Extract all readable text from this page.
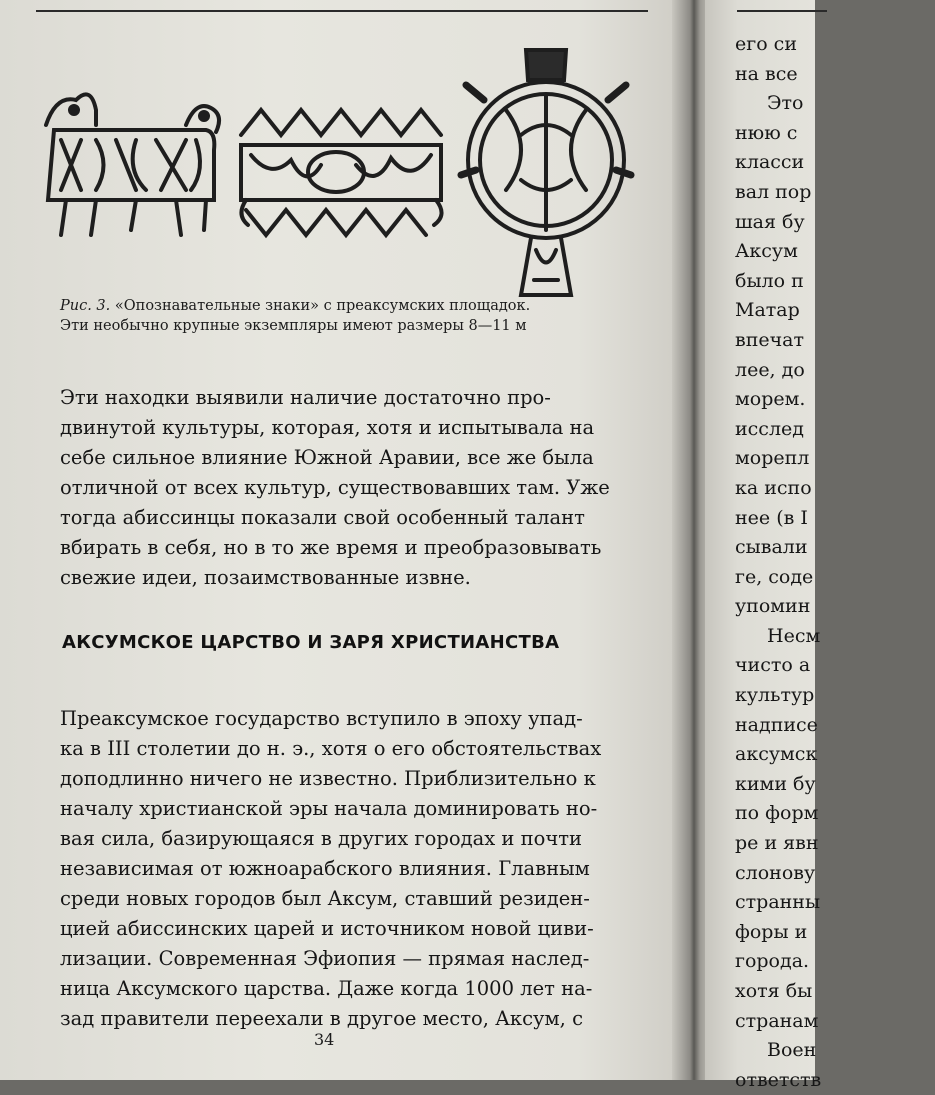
Рис. 3. «Опознавательные знаки» с преаксумских площадок.
Эти необычно крупные экземпляры имеют размеры 8—11 м
Эти находки выявили наличие достаточно про-
двинутой культуры, которая, хотя и испытывала на
себе сильное влияние Южной Аравии, все же была
отличной от всех культур, существовавших там. Уже
тогда абиссинцы показали свой особенный талант
вбирать в себя, но в то же время и преобразовывать
свежие идеи, позаимствованные извне.
АКСУМСКОЕ ЦАРСТВО И ЗАРЯ ХРИСТИАНСТВА
Преаксумское государство вступило в эпоху упад-
ка в III столетии до н. э., хотя о его обстоятельствах
доподлинно ничего не известно. Приблизительно к
началу христианской эры начала доминировать но-
вая сила, базирующаяся в других городах и почти
независимая от южноарабского влияния. Главным
среди новых городов был Аксум, ставший резиден-
цией абиссинских царей и источником новой циви-
лизации. Современная Эфиопия — прямая наслед-
ница Аксумского царства. Даже когда 1000 лет на-
зад правители переехали в другое место, Аксум, с
34
его си
на все
Это
нюю с
класси
вал пор
шая бу
Аксум
было п
Матар
впечат
лее, до
морем.
исслед
морепл
ка испо
нее (в I
сывали
ге, соде
упомин
Несм
чисто а
культур
надписе
аксумск
кими бу
по форм
ре и явн
слонову
странны
форы и
города.
хотя бы
странам
Воен
ответств
